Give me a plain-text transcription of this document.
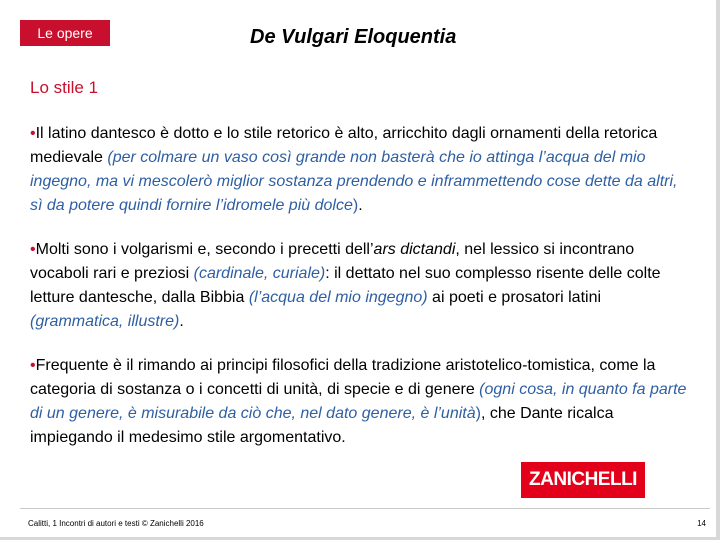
Le opere	De Vulgari Eloquentia
Lo stile 1

•Il latino dantesco è dotto e lo stile retorico è alto, arricchito dagli ornamenti della retorica medievale (per colmare un vaso così grande non basterà che io attinga l’acqua del mio ingegno, ma vi mescolerò miglior sostanza prendendo e inframmettendo cose dette da altri, sì da potere quindi fornire l’idromele più dolce).

•Molti sono i volgarismi e, secondo i precetti dell’ars dictandi, nel lessico si incontrano vocaboli rari e preziosi (cardinale, curiale): il dettato nel suo complesso risente delle colte letture dantesche, dalla Bibbia (l’acqua del mio ingegno) ai poeti e prosatori latini (grammatica, illustre).

•Frequente è il rimando ai principi filosofici della tradizione aristotelico-tomistica, come la categoria di sostanza o i concetti di unità, di specie e di genere (ogni cosa, in quanto fa parte di un genere, è misurabile da ciò che, nel dato genere, è l’unità), che Dante ricalca impiegando il medesimo stile argomentativo.

ZANICHELLI
Calitti, 1 Incontri di autori e testi © Zanichelli 2016	14
